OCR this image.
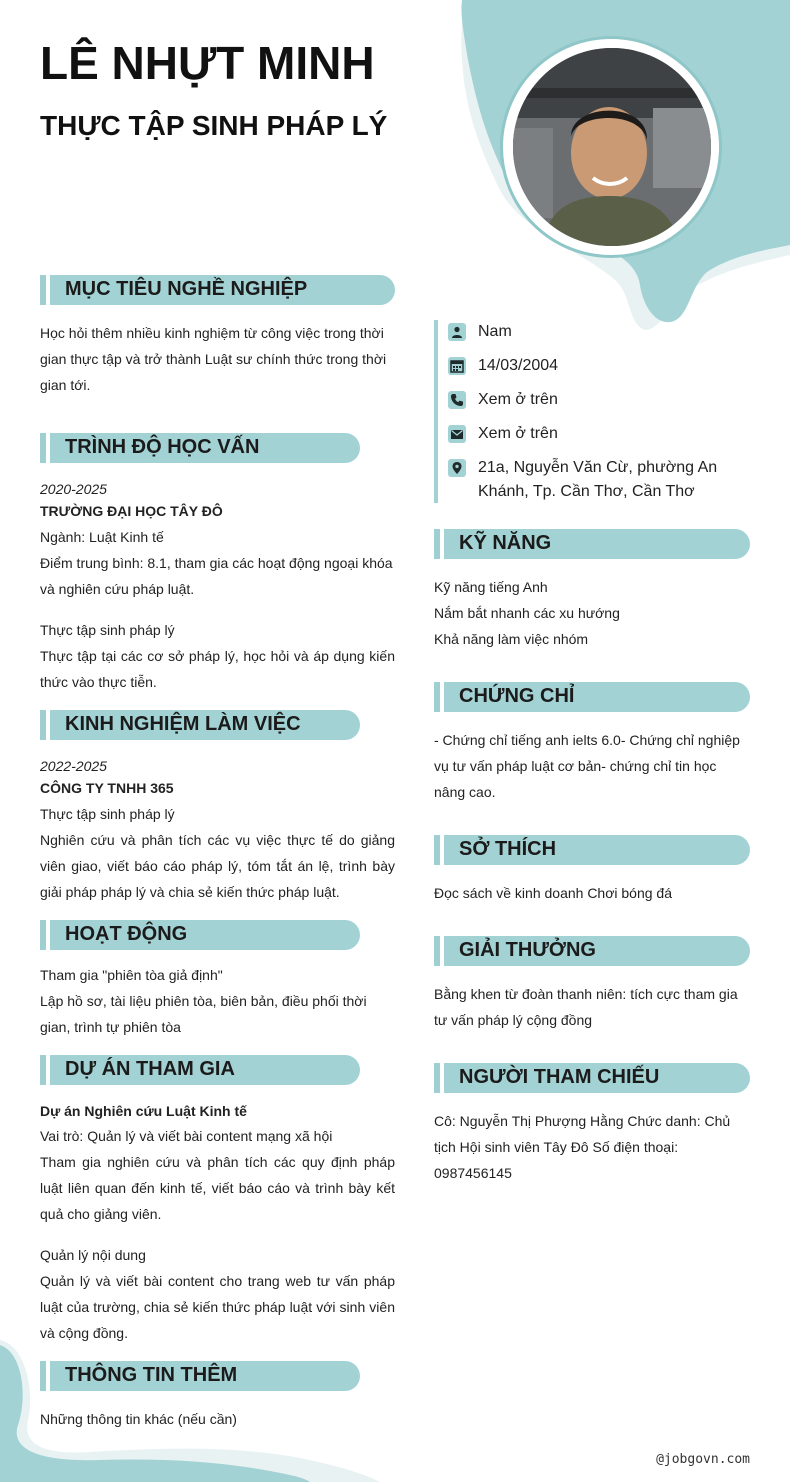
LÊ NHỰT MINH
THỰC TẬP SINH PHÁP LÝ
MỤC TIÊU NGHỀ NGHIỆP
Học hỏi thêm nhiều kinh nghiệm từ công việc trong thời gian thực tập và trở thành Luật sư chính thức trong thời gian tới.
TRÌNH ĐỘ HỌC VẤN
2020-2025
TRƯỜNG ĐẠI HỌC TÂY ĐÔ
Ngành: Luật Kinh tế
Điểm trung bình: 8.1, tham gia các hoạt động ngoại khóa và nghiên cứu pháp luật.
Thực tập sinh pháp lý
Thực tập tại các cơ sở pháp lý, học hỏi và áp dụng kiến thức vào thực tiễn.
KINH NGHIỆM LÀM VIỆC
2022-2025
CÔNG TY TNHH 365
Thực tập sinh pháp lý
Nghiên cứu và phân tích các vụ việc thực tế do giảng viên giao, viết báo cáo pháp lý, tóm tắt án lệ, trình bày giải pháp pháp lý và chia sẻ kiến thức pháp luật.
HOẠT ĐỘNG
Tham gia "phiên tòa giả định"
Lập hồ sơ, tài liệu phiên tòa, biên bản, điều phối thời gian, trình tự phiên tòa
DỰ ÁN THAM GIA
Dự án Nghiên cứu Luật Kinh tế
Vai trò: Quản lý và viết bài content mạng xã hội
Tham gia nghiên cứu và phân tích các quy định pháp luật liên quan đến kinh tế, viết báo cáo và trình bày kết quả cho giảng viên.
Quản lý nội dung
Quản lý và viết bài content cho trang web tư vấn pháp luật của trường, chia sẻ kiến thức pháp luật với sinh viên và cộng đồng.
THÔNG TIN THÊM
Những thông tin khác (nếu cần)
Nam
14/03/2004
Xem ở trên
Xem ở trên
21a, Nguyễn Văn Cừ, phường An Khánh, Tp. Cần Thơ, Cần Thơ
KỸ NĂNG
Kỹ năng tiếng Anh
Nắm bắt nhanh các xu hướng
Khả năng làm việc nhóm
CHỨNG CHỈ
- Chứng chỉ tiếng anh ielts 6.0- Chứng chỉ nghiệp vụ tư vấn pháp luật cơ bản- chứng chỉ tin học nâng cao.
SỞ THÍCH
Đọc sách về kinh doanh Chơi bóng đá
GIẢI THƯỞNG
Bằng khen từ đoàn thanh niên: tích cực tham gia tư vấn pháp lý cộng đồng
NGƯỜI THAM CHIẾU
Cô: Nguyễn Thị Phượng Hằng Chức danh: Chủ tịch Hội sinh viên Tây Đô Số điện thoại: 0987456145
@jobgovn.com
